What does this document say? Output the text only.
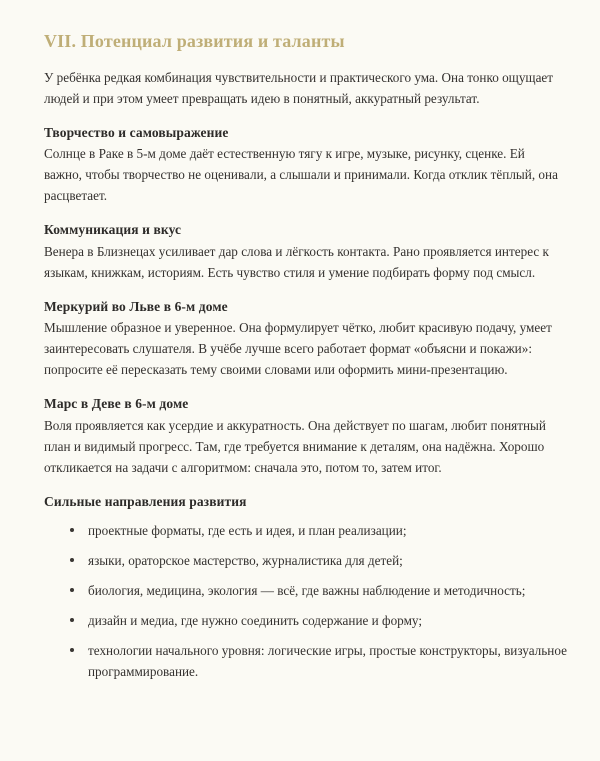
VII. Потенциал развития и таланты

У ребёнка редкая комбинация чувствительности и практического ума. Она тонко ощущает людей и при этом умеет превращать идею в понятный, аккуратный результат.

Творчество и самовыражение

Солнце в Раке в 5-м доме даёт естественную тягу к игре, музыке, рисунку, сценке. Ей важно, чтобы творчество не оценивали, а слышали и принимали. Когда отклик тёплый, она расцветает.

Коммуникация и вкус

Венера в Близнецах усиливает дар слова и лёгкость контакта. Рано проявляется интерес к языкам, книжкам, историям. Есть чувство стиля и умение подбирать форму под смысл.

Меркурий во Льве в 6-м доме

Мышление образное и уверенное. Она формулирует чётко, любит красивую подачу, умеет заинтересовать слушателя. В учёбе лучше всего работает формат «объясни и покажи»: попросите её пересказать тему своими словами или оформить мини-презентацию.

Марс в Деве в 6-м доме

Воля проявляется как усердие и аккуратность. Она действует по шагам, любит понятный план и видимый прогресс. Там, где требуется внимание к деталям, она надёжна. Хорошо откликается на задачи с алгоритмом: сначала это, потом то, затем итог.

Сильные направления развития
проектные форматы, где есть и идея, и план реализации;
языки, ораторское мастерство, журналистика для детей;
биология, медицина, экология — всё, где важны наблюдение и методичность;
дизайн и медиа, где нужно соединить содержание и форму;
технологии начального уровня: логические игры, простые конструкторы, визуальное программирование.
